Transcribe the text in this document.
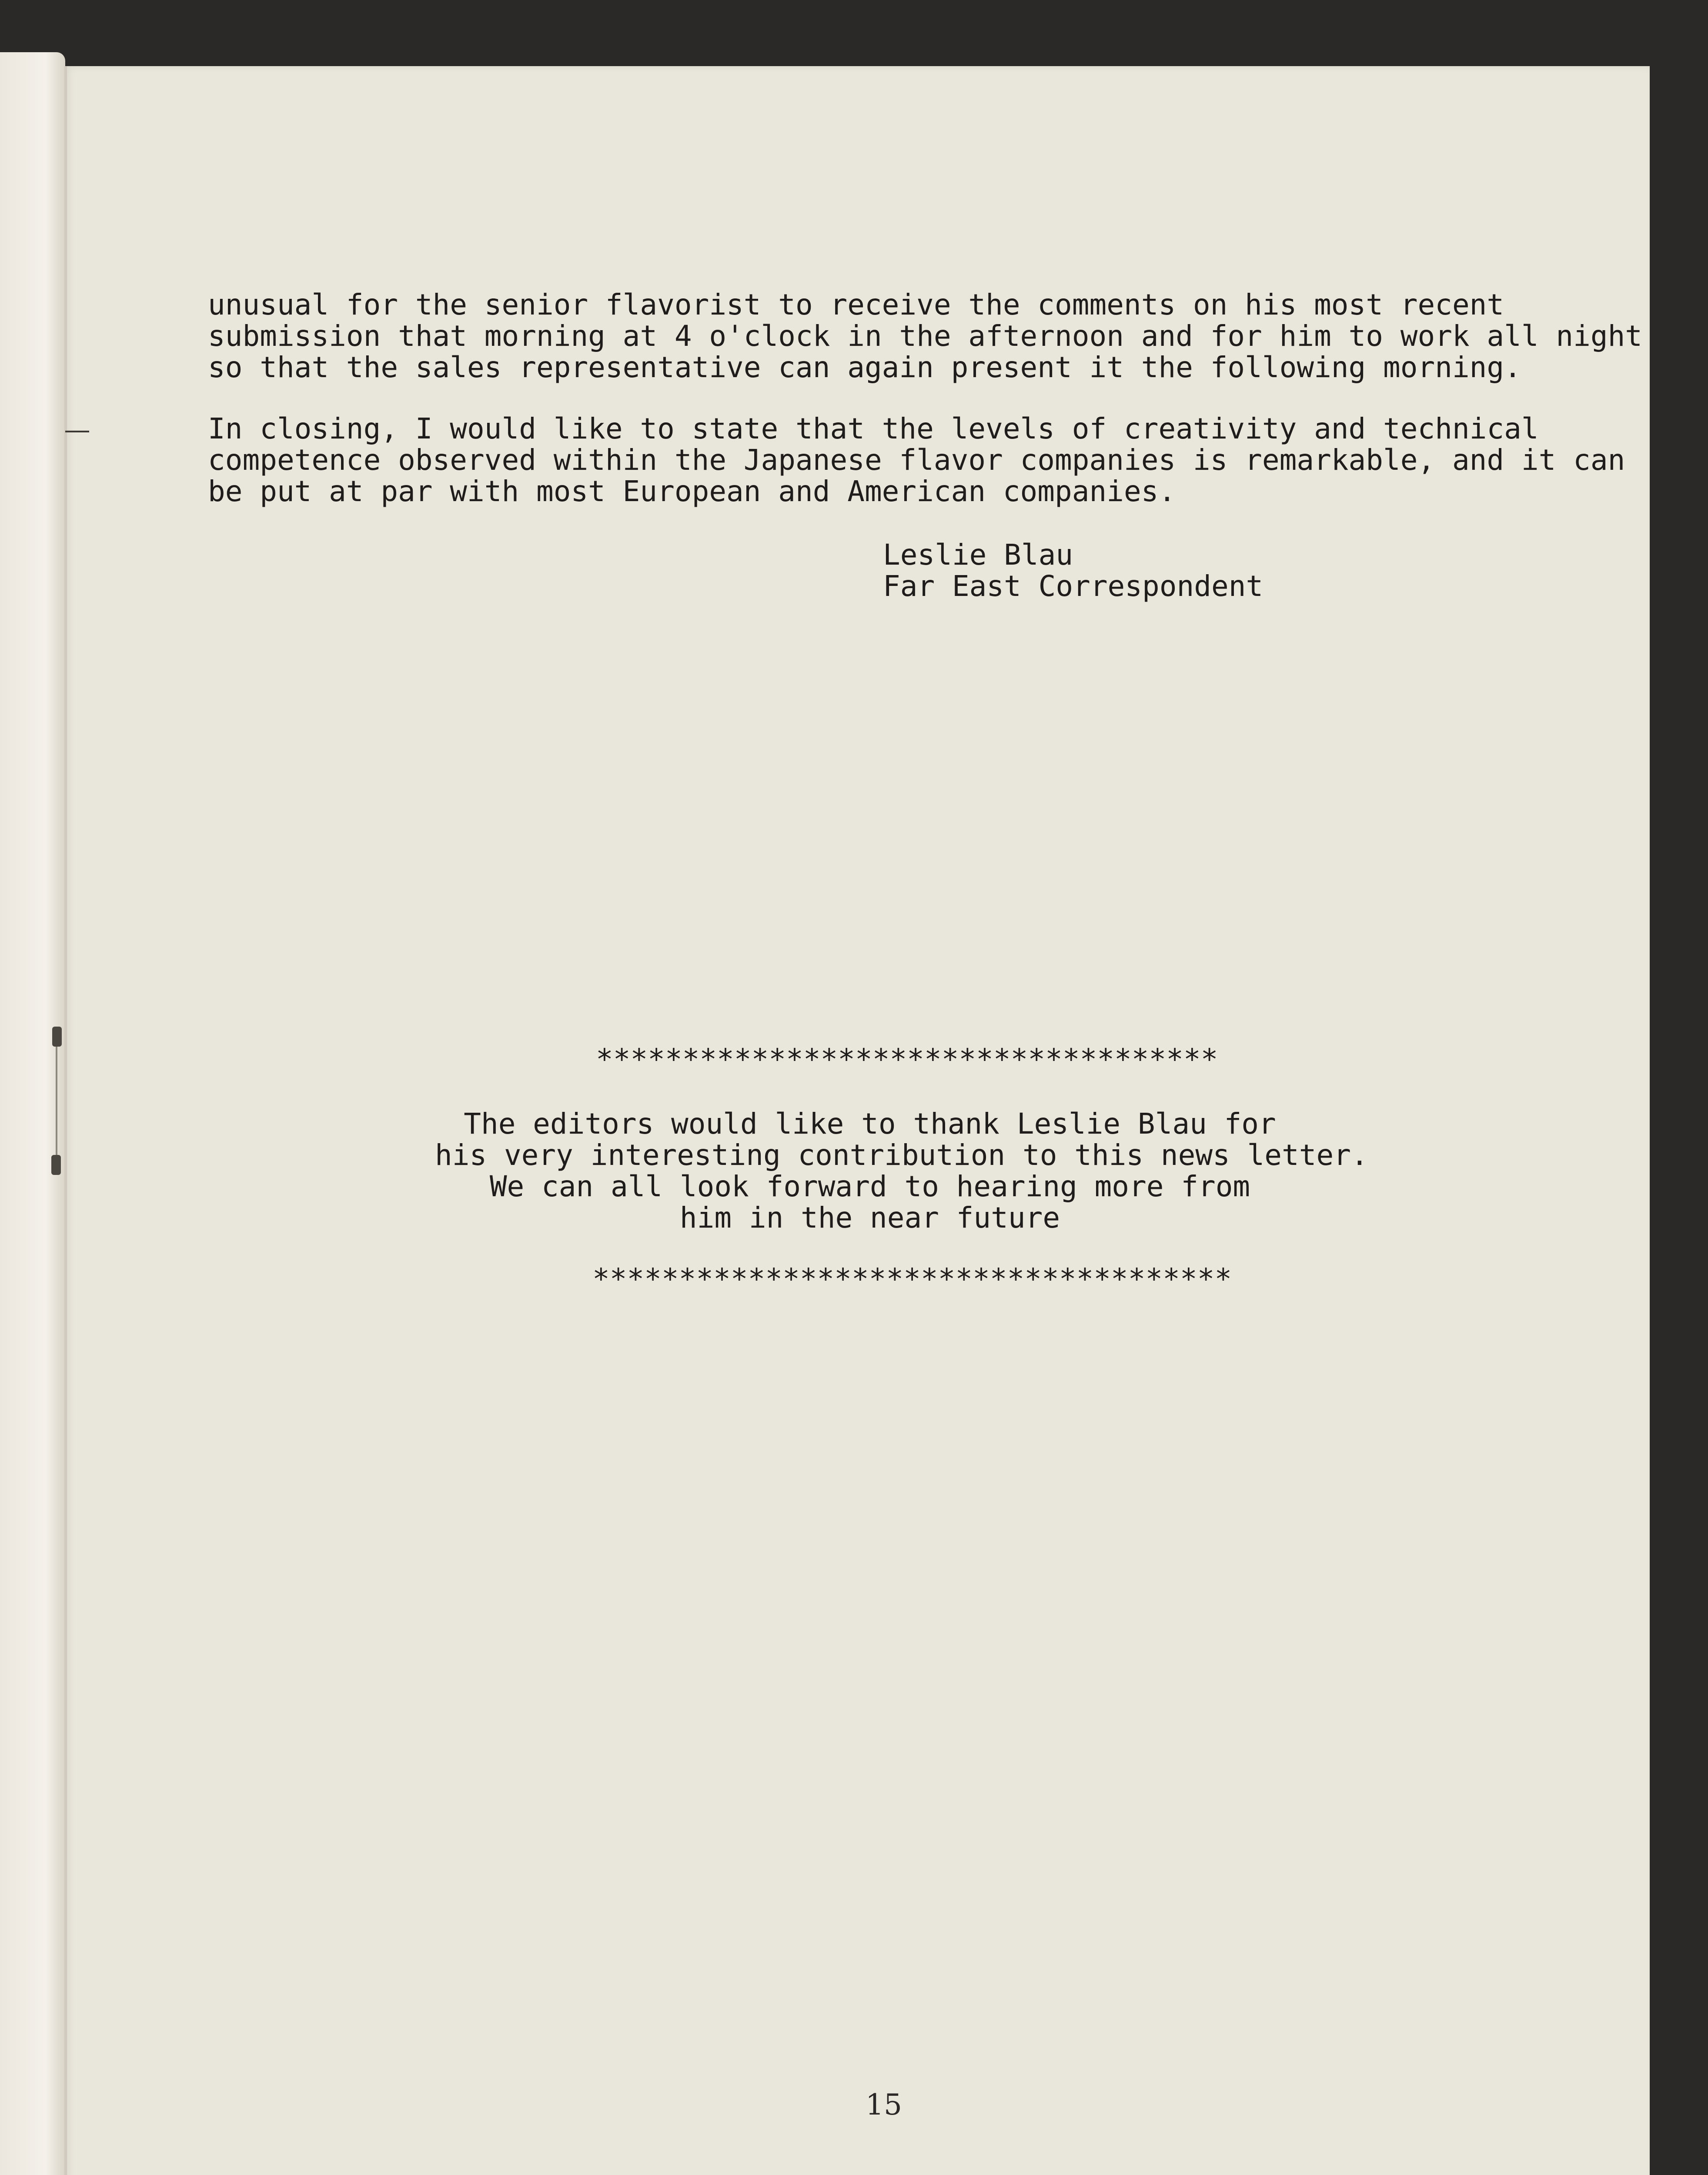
unusual for the senior flavorist to receive the comments on his most recent
submission that morning at 4 o'clock in the afternoon and for him to work all night
so that the sales representative can again present it the following morning.

In closing, I would like to state that the levels of creativity and technical
competence observed within the Japanese flavor companies is remarkable, and it can
be put at par with most European and American companies.

Leslie Blau
Far East Correspondent

************************************

The editors would like to thank Leslie Blau for
his very interesting contribution to this news letter.
We can all look forward to hearing more from
him in the near future

*************************************

15
